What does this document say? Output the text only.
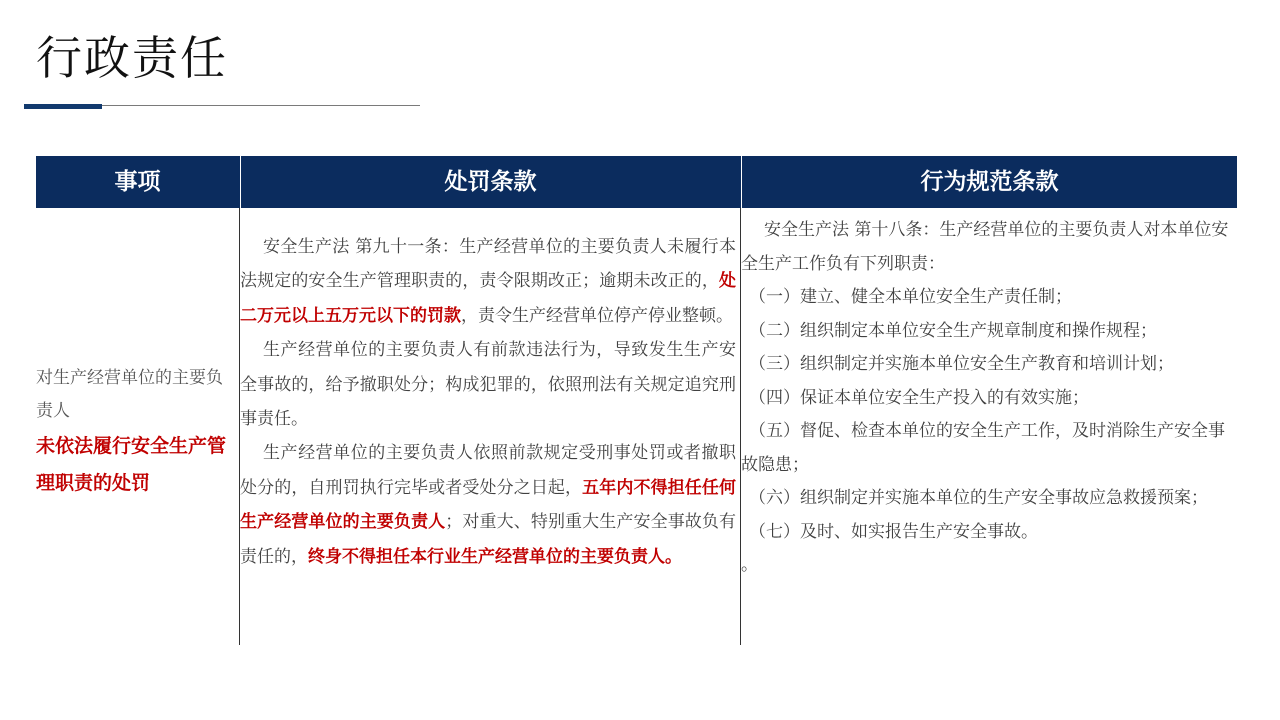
行政责任
事项	处罚条款	行为规范条款
对生产经营单位的主要负责人
未依法履行安全生产管理职责的处罚

安全生产法 第九十一条：生产经营单位的主要负责人未履行本法规定的安全生产管理职责的，责令限期改正；逾期未改正的，处二万元以上五万元以下的罚款，责令生产经营单位停产停业整顿。

生产经营单位的主要负责人有前款违法行为，导致发生生产安全事故的，给予撤职处分；构成犯罪的，依照刑法有关规定追究刑事责任。

生产经营单位的主要负责人依照前款规定受刑事处罚或者撤职处分的，自刑罚执行完毕或者受处分之日起，五年内不得担任任何生产经营单位的主要负责人；对重大、特别重大生产安全事故负有责任的，终身不得担任本行业生产经营单位的主要负责人。

安全生产法 第十八条：生产经营单位的主要负责人对本单位安全生产工作负有下列职责：
（一）建立、健全本单位安全生产责任制；
（二）组织制定本单位安全生产规章制度和操作规程；
（三）组织制定并实施本单位安全生产教育和培训计划；
（四）保证本单位安全生产投入的有效实施；
（五）督促、检查本单位的安全生产工作，及时消除生产安全事故隐患；
（六）组织制定并实施本单位的生产安全事故应急救援预案；
（七）及时、如实报告生产安全事故。
。
